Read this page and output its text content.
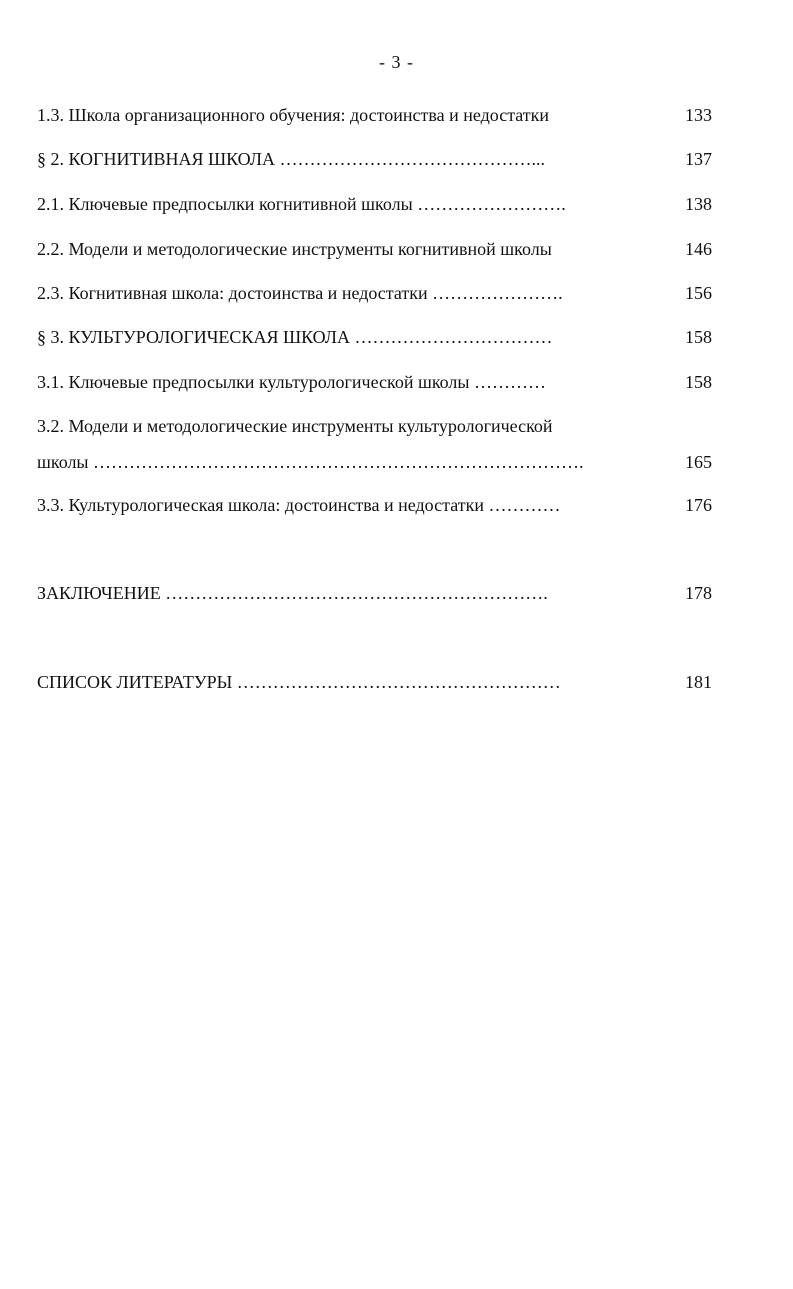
- 3 -
1.3. Школа организационного обучения: достоинства и недостатки	133
§ 2. КОГНИТИВНАЯ ШКОЛА ……………………………………...	137
2.1. Ключевые предпосылки когнитивной школы …………………….	138
2.2. Модели и методологические инструменты когнитивной школы	146
2.3. Когнитивная школа: достоинства и недостатки ………………….	156
§ 3. КУЛЬТУРОЛОГИЧЕСКАЯ ШКОЛА ……………………………	158
3.1. Ключевые предпосылки культурологической школы …………	158
3.2. Модели и методологические инструменты культурологической
школы ……………………………………………………………………….	165
3.3. Культурологическая школа: достоинства и недостатки …………	176
ЗАКЛЮЧЕНИЕ ……………………………………………………….	178
СПИСОК ЛИТЕРАТУРЫ ………………………………………………	181
